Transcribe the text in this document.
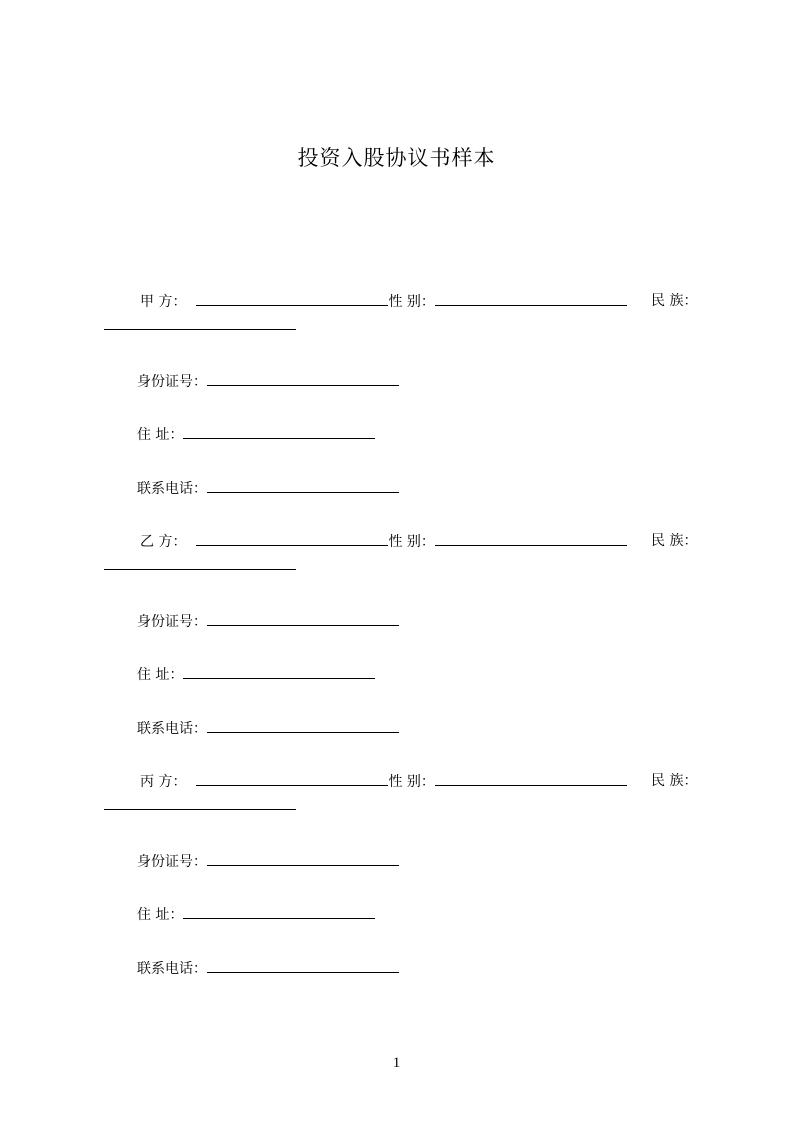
投资入股协议书样本
甲 方：	性 别：	民 族：
身份证号：
住 址：
联系电话：
乙 方：	性 别：	民 族：
身份证号：
住 址：
联系电话：
丙 方：	性 别：	民 族：
身份证号：
住 址：
联系电话：
1
